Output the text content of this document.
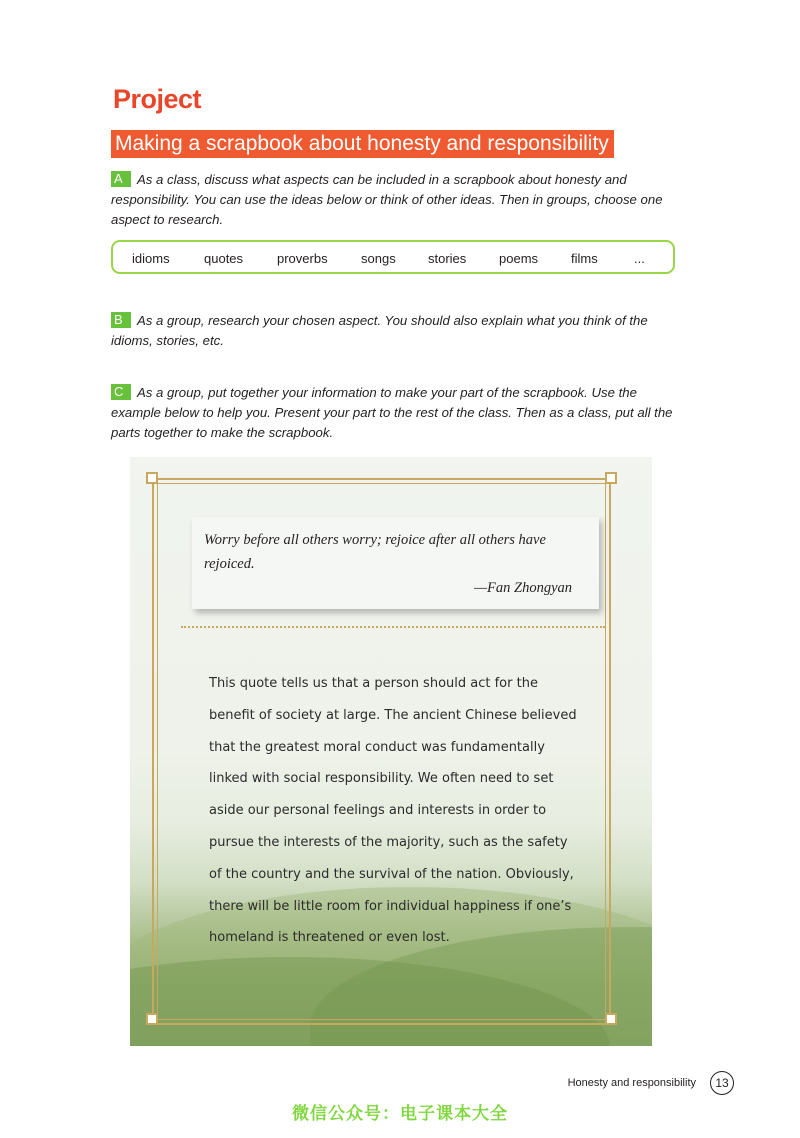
Project
Making a scrapbook about honesty and responsibility
A As a class, discuss what aspects can be included in a scrapbook about honesty and responsibility. You can use the ideas below or think of other ideas. Then in groups, choose one aspect to research.
idioms	quotes	proverbs	songs stories	poems	films	...
B As a group, research your chosen aspect. You should also explain what you think of the idioms, stories, etc.
C As a group, put together your information to make your part of the scrapbook. Use the example below to help you. Present your part to the rest of the class. Then as a class, put all the parts together to make the scrapbook.
Worry before all others worry; rejoice after all others have rejoiced.
—Fan Zhongyan
This quote tells us that a person should act for the benefit of society at large. The ancient Chinese believed that the greatest moral conduct was fundamentally linked with social responsibility. We often need to set aside our personal feelings and interests in order to pursue the interests of the majority, such as the safety of the country and the survival of the nation. Obviously, there will be little room for individual happiness if one’s homeland is threatened or even lost.
Honesty and responsibility	13
微信公众号：电子课本大全
